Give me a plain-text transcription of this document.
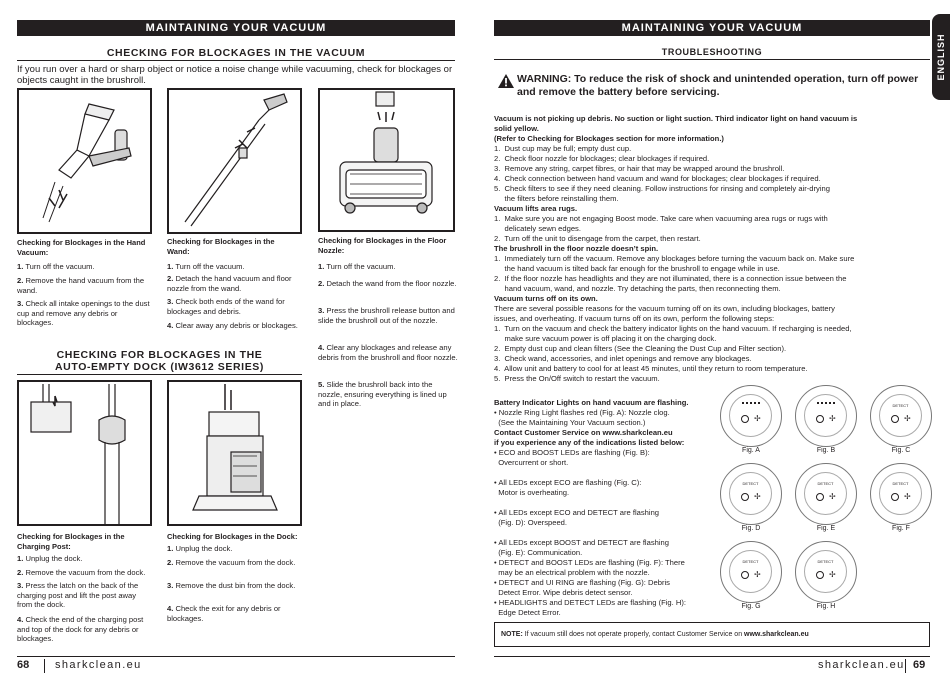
MAINTAINING YOUR VACUUM
CHECKING FOR BLOCKAGES IN THE VACUUM
If you run over a hard or sharp object or notice a noise change while vacuuming, check for blockages or objects caught in the brushroll.
Checking for Blockages in the Hand Vacuum:
1. Turn off the vacuum.
2. Remove the hand vacuum from the wand.
3. Check all intake openings to the dust cup and remove any debris or blockages.
Checking for Blockages in the Wand:
1. Turn off the vacuum.
2. Detach the hand vacuum and floor nozzle from the wand.
3. Check both ends of the wand for blockages and debris.
4. Clear away any debris or blockages.
Checking for Blockages in the Floor Nozzle:
1. Turn off the vacuum.
2. Detach the wand from the floor nozzle.
3. Press the brushroll release button and slide the brushroll out of the nozzle.
4. Clear any blockages and release any debris from the brushroll and floor nozzle.
5. Slide the brushroll back into the nozzle, ensuring everything is lined up and in place.
CHECKING FOR BLOCKAGES IN THE
AUTO-EMPTY DOCK (IW3612 SERIES)
Checking for Blockages in the Charging Post:
1. Unplug the dock.
2. Remove the vacuum from the dock.
3. Press the latch on the back of the charging post and lift the post away from the dock.
4. Check the end of the charging post and top of the dock for any debris or blockages.
Checking for Blockages in the Dock:
1. Unplug the dock.
2. Remove the vacuum from the dock.
3. Remove the dust bin from the dock.
4. Check the exit for any debris or blockages.
68 sharkclean.eu
MAINTAINING YOUR VACUUM
ENGLISH
TROUBLESHOOTING
WARNING: To reduce the risk of shock and unintended operation, turn off power and remove the battery before servicing.
Vacuum is not picking up debris. No suction or light suction. Third indicator light on hand vacuum is
solid yellow.
(Refer to Checking for Blockages section for more information.)
1.  Dust cup may be full; empty dust cup.
2.  Check floor nozzle for blockages; clear blockages if required.
3.  Remove any string, carpet fibres, or hair that may be wrapped around the brushroll.
4.  Check connection between hand vacuum and wand for blockages; clear blockages if required.
5.  Check filters to see if they need cleaning. Follow instructions for rinsing and completely air-drying
the filters before reinstalling them.
Vacuum lifts area rugs.
1.  Make sure you are not engaging Boost mode. Take care when vacuuming area rugs or rugs with
delicately sewn edges.
2.  Turn off the unit to disengage from the carpet, then restart.
The brushroll in the floor nozzle doesn’t spin.
1.  Immediately turn off the vacuum. Remove any blockages before turning the vacuum back on. Make sure
the hand vacuum is tilted back far enough for the brushroll to engage while in use.
2.  If the floor nozzle has headlights and they are not illuminated, there is a connection issue between the
hand vacuum, wand, and nozzle. Try detaching the parts, then reconnecting them.
Vacuum turns off on its own.
There are several possible reasons for the vacuum turning off on its own, including blockages, battery
issues, and overheating. If vacuum turns off on its own, perform the following steps:
1.  Turn on the vacuum and check the battery indicator lights on the hand vacuum. If recharging is needed,
make sure vacuum power is off placing it on the charging dock.
2.  Empty dust cup and clean filters (See the Cleaning the Dust Cup and Filter section).
3.  Check wand, accessories, and inlet openings and remove any blockages.
4.  Allow unit and battery to cool for at least 45 minutes, until they return to room temperature.
5.  Press the On/Off switch to restart the vacuum.
Battery Indicator Lights on hand vacuum are flashing.
• Nozzle Ring Light flashes red (Fig. A): Nozzle clog.
(See the Maintaining Your Vacuum section.)
Contact Customer Service on www.sharkclean.eu
if you experience any of the indications listed below:
• ECO and BOOST LEDs are flashing (Fig. B):
Overcurrent or short.
• All LEDs except ECO are flashing (Fig. C):
Motor is overheating.
• All LEDs except ECO and DETECT are flashing
(Fig. D): Overspeed.
• All LEDs except BOOST and DETECT are flashing
(Fig. E): Communication.
• DETECT and BOOST LEDs are flashing (Fig. F): There
may be an electrical problem with the nozzle.
• DETECT and UI RING are flashing (Fig. G): Debris
Detect Error. Wipe debris detect sensor.
• HEADLIGHTS and DETECT LEDs are flashing (Fig. H):
Edge Detect Error.
✢
Fig. A
✢
Fig. B
DETECT
✢
Fig. C
DETECT
✢
Fig. D
DETECT
✢
Fig. E
DETECT
✢
Fig. F
DETECT
✢
Fig. G
DETECT
✢
Fig. H
NOTE: If vacuum still does not operate properly, contact Customer Service on www.sharkclean.eu
sharkclean.eu 69
